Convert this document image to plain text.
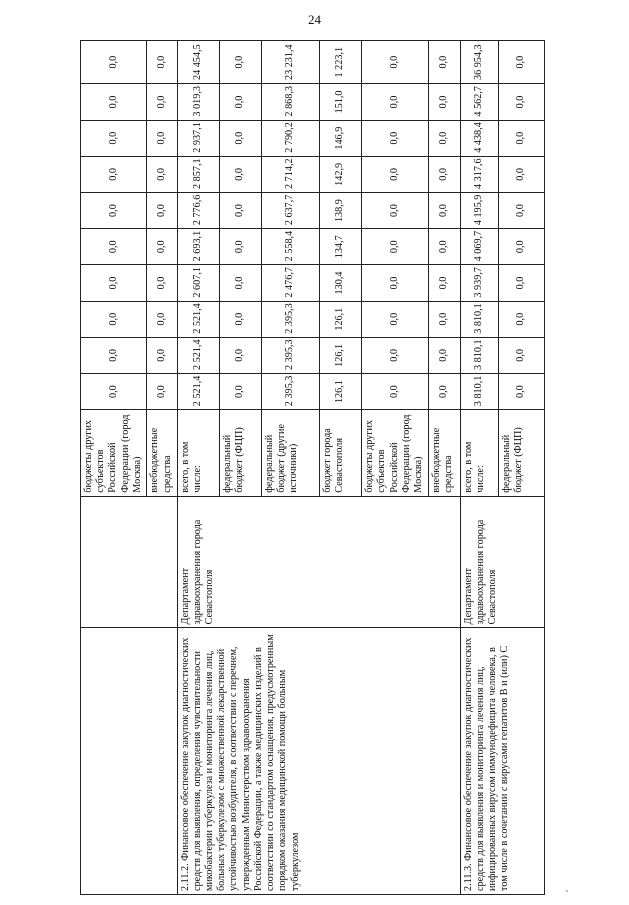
24
		бюджеты других субъектов Российской Федерации (город Москва)	0,0	0,0	0,0	0,0	0,0	0,0	0,0	0,0	0,0	0,0
		внебюджетные средства	0,0	0,0	0,0	0,0	0,0	0,0	0,0	0,0	0,0	0,0
2.11.2. Финансовое обеспечение закупок диагностических средств для выявления, определения чувствительности микобактерии туберкулеза и мониторинга лечения лиц, больных туберкулезом с множественной лекарственной устойчивостью возбудителя, в соответствии с перечнем, утвержденным Министерством здравоохранения Российской Федерации, а также медицинских изделий в соответствии со стандартом оснащения, предусмотренным порядком оказания медицинской помощи больным туберкулезом	Департамент здравоохранения города Севастополя	всего, в том числе:	2 521,4	2 521,4	2 521,4	2 607,1	2 693,1	2 776,6	2 857,1	2 937,1	3 019,3	24 454,5
		федеральный бюджет (ФЦП)	0,0	0,0	0,0	0,0	0,0	0,0	0,0	0,0	0,0	0,0
		федеральный бюджет (другие источники)	2 395,3	2 395,3	2 395,3	2 476,7	2 558,4	2 637,7	2 714,2	2 790,2	2 868,3	23 231,4
		бюджет города Севастополя	126,1	126,1	126,1	130,4	134,7	138,9	142,9	146,9	151,0	1 223,1
		бюджеты других субъектов Российской Федерации (город Москва)	0,0	0,0	0,0	0,0	0,0	0,0	0,0	0,0	0,0	0,0
		внебюджетные средства	0,0	0,0	0,0	0,0	0,0	0,0	0,0	0,0	0,0	0,0
2.11.3. Финансовое обеспечение закупок диагностических средств для выявления и мониторинга лечения лиц, инфицированных вирусом иммунодефицита человека, в том числе в сочетании с вирусами гепатитов В и (или) С	Департамент здравоохранения города Севастополя	всего, в том числе:	3 810,1	3 810,1	3 810,1	3 939,7	4 069,7	4 195,9	4 317,6	4 438,4	4 562,7	36 954,3
		федеральный бюджет (ФЦП)	0,0	0,0	0,0	0,0	0,0	0,0	0,0	0,0	0,0	0,0
